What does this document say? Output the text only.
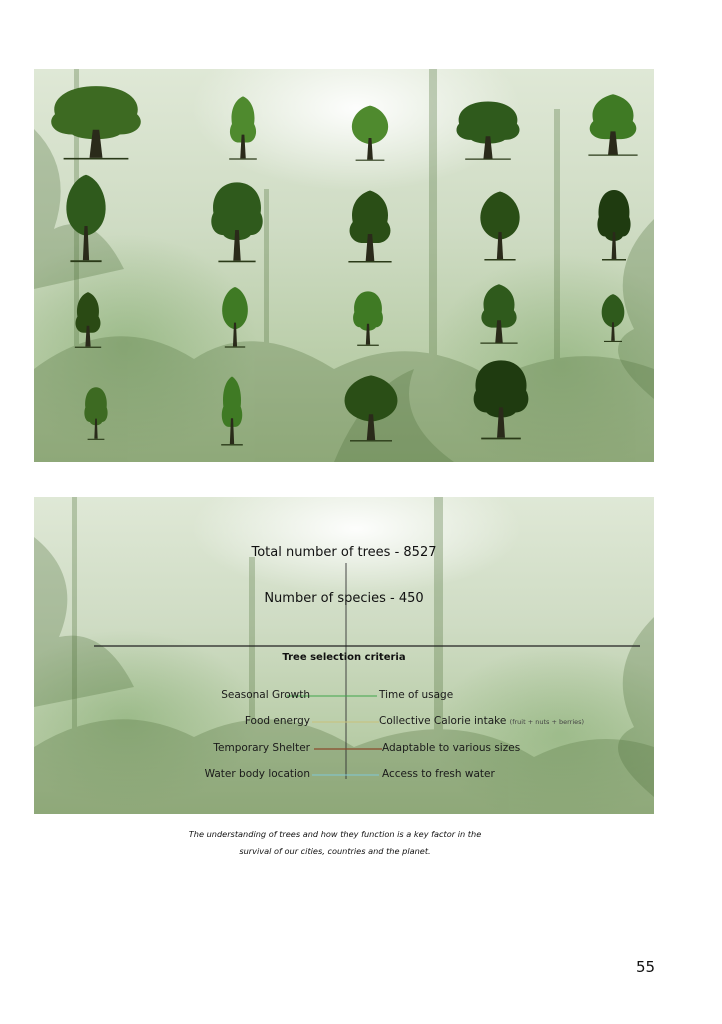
Total number of trees - 8527
Number of species - 450
Tree selection criteria
Seasonal Growth	Time of usage
Food energy	Collective Calorie intake (fruit + nuts + berries)
Temporary Shelter	Adaptable to various sizes
Water body location	Access to fresh water
The understanding of trees and how they function is a key factor in the
survival of our cities, countries and the planet.
55
